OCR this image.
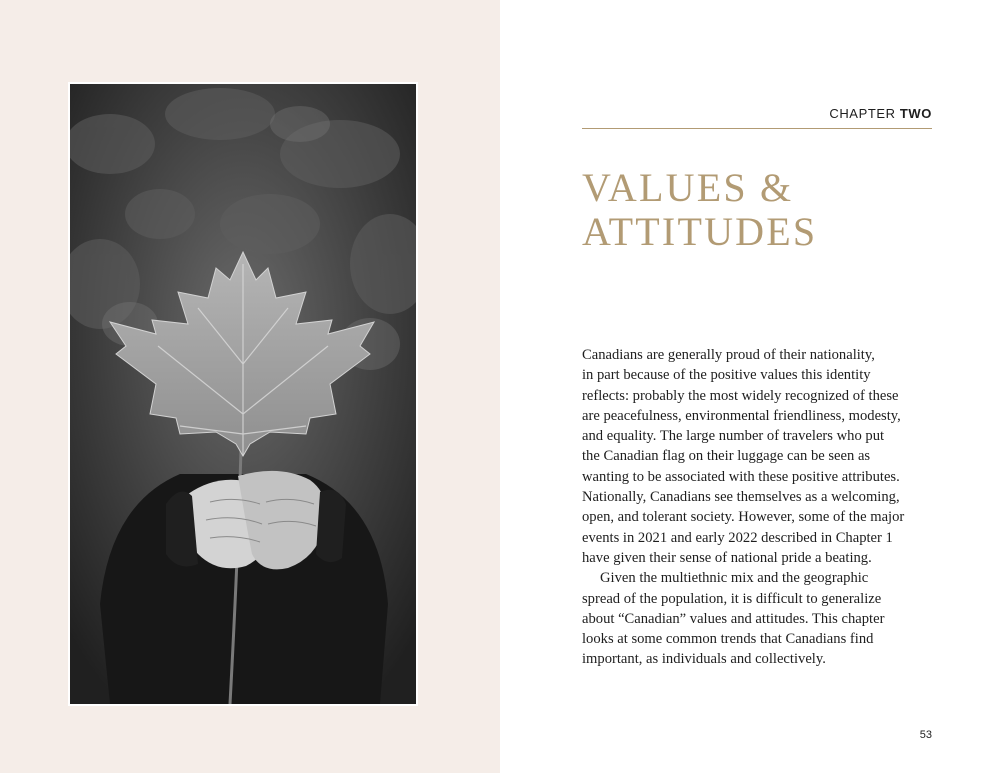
CHAPTER TWO
VALUES &
ATTITUDES

Canadians are generally proud of their nationality,
in part because of the positive values this identity
reflects: probably the most widely recognized of these
are peacefulness, environmental friendliness, modesty,
and equality. The large number of travelers who put
the Canadian flag on their luggage can be seen as
wanting to be associated with these positive attributes.
Nationally, Canadians see themselves as a welcoming,
open, and tolerant society. However, some of the major
events in 2021 and early 2022 described in Chapter 1
have given their sense of national pride a beating.

Given the multiethnic mix and the geographic
spread of the population, it is difficult to generalize
about “Canadian” values and attitudes. This chapter
looks at some common trends that Canadians find
important, as individuals and collectively.

53
